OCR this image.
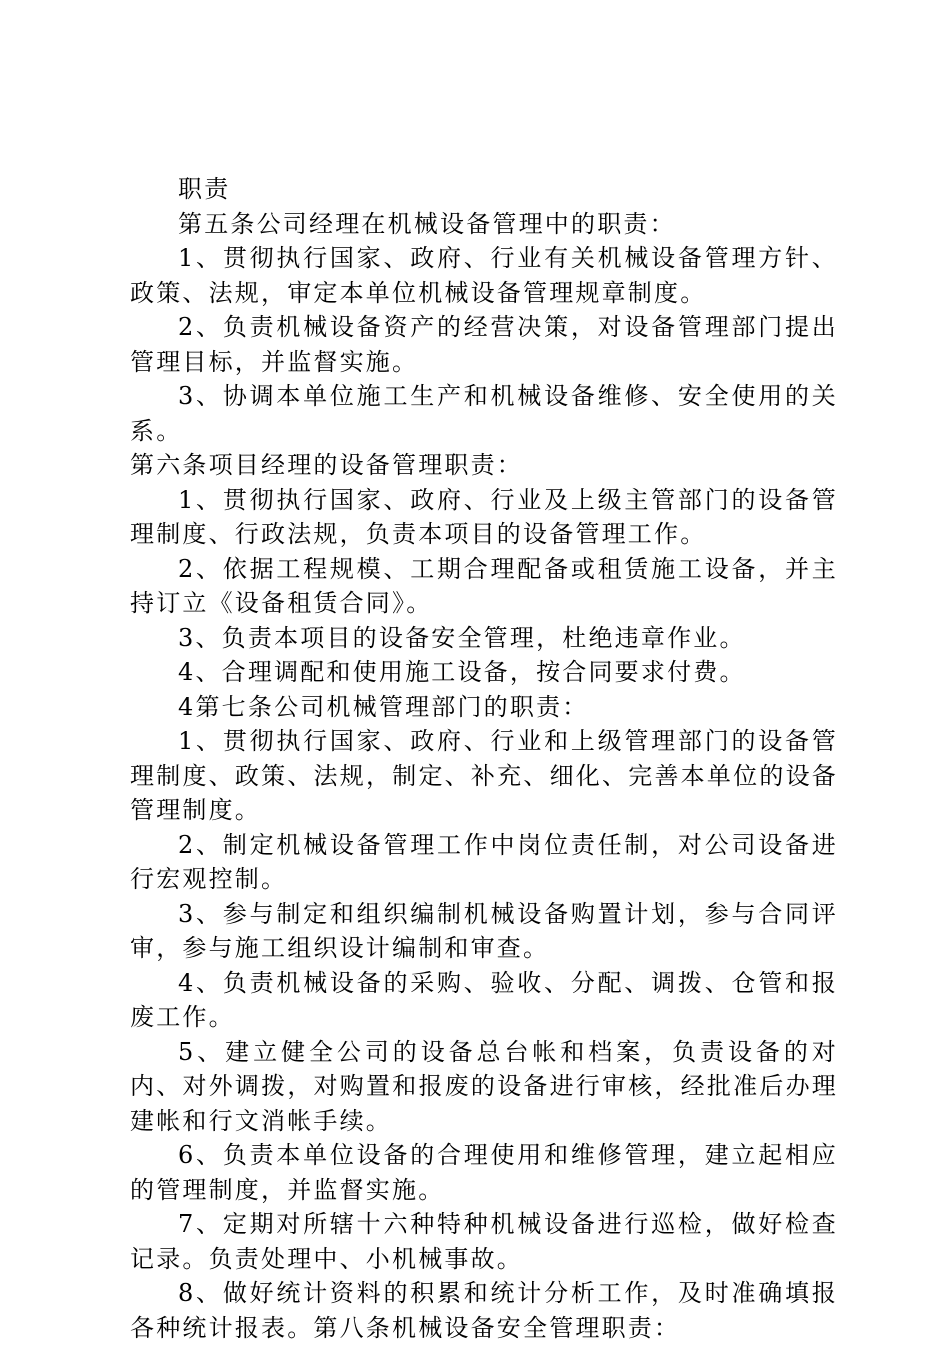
职责

第五条公司经理在机械设备管理中的职责：

1、贯彻执行国家、政府、行业有关机械设备管理方针、政策、法规，审定本单位机械设备管理规章制度。

2、负责机械设备资产的经营决策，对设备管理部门提出管理目标，并监督实施。

3、协调本单位施工生产和机械设备维修、安全使用的关系。

第六条项目经理的设备管理职责：

1、贯彻执行国家、政府、行业及上级主管部门的设备管理制度、行政法规，负责本项目的设备管理工作。

2、依据工程规模、工期合理配备或租赁施工设备，并主持订立《设备租赁合同》。

3、负责本项目的设备安全管理，杜绝违章作业。

4、合理调配和使用施工设备，按合同要求付费。

4第七条公司机械管理部门的职责：

1、贯彻执行国家、政府、行业和上级管理部门的设备管理制度、政策、法规，制定、补充、细化、完善本单位的设备管理制度。

2、制定机械设备管理工作中岗位责任制，对公司设备进行宏观控制。

3、参与制定和组织编制机械设备购置计划，参与合同评审，参与施工组织设计编制和审查。

4、负责机械设备的采购、验收、分配、调拨、仓管和报废工作。

5、建立健全公司的设备总台帐和档案，负责设备的对内、对外调拨，对购置和报废的设备进行审核，经批准后办理建帐和行文消帐手续。

6、负责本单位设备的合理使用和维修管理，建立起相应的管理制度，并监督实施。

7、定期对所辖十六种特种机械设备进行巡检，做好检查记录。负责处理中、小机械事故。

8、做好统计资料的积累和统计分析工作，及时准确填报各种统计报表。第八条机械设备安全管理职责：
